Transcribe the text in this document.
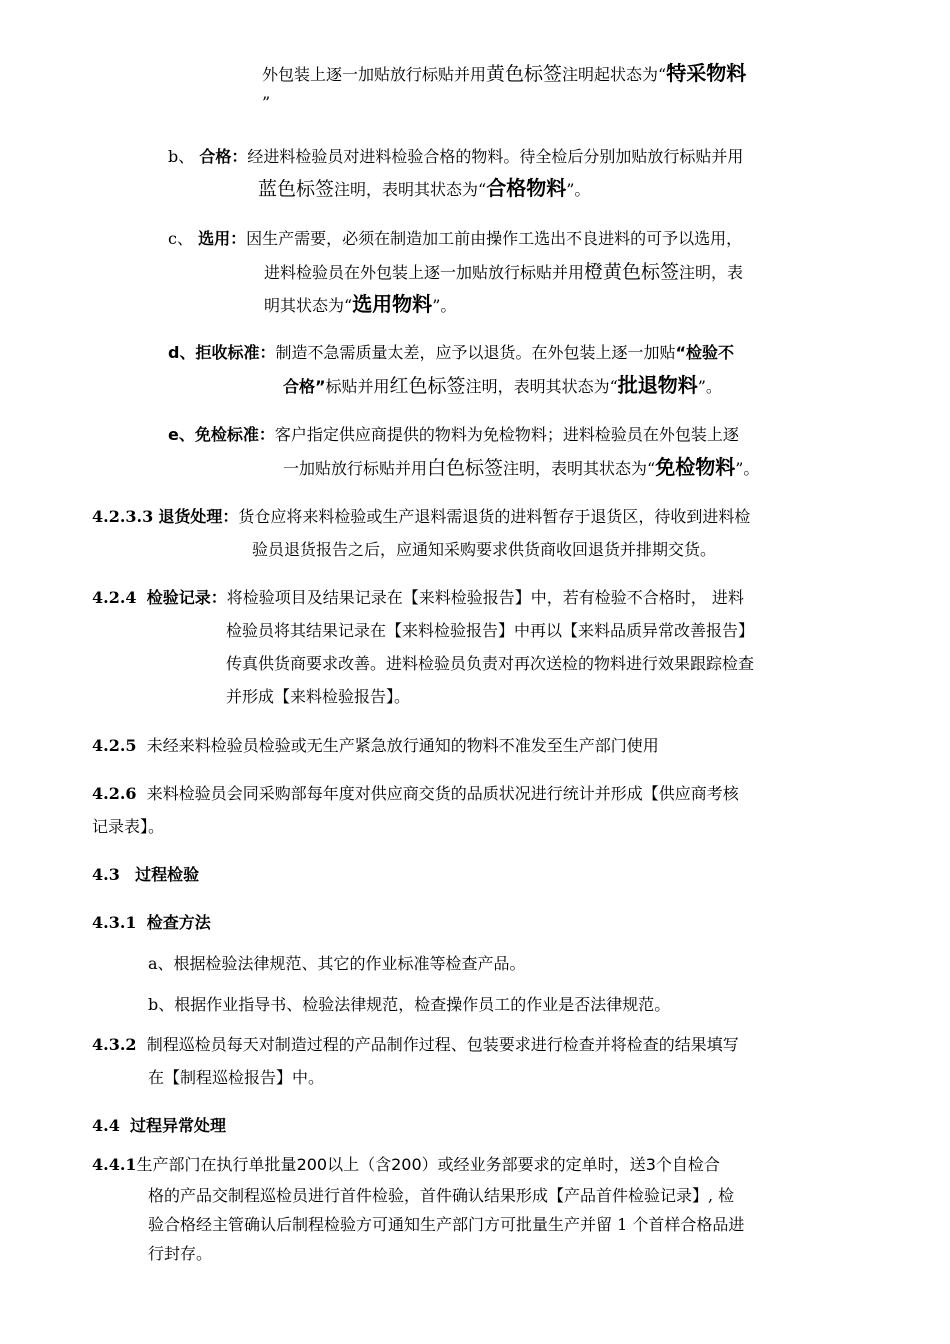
外包装上逐一加贴放行标贴并用黄色标签注明起状态为“特采物料
”
b、 合格：经进料检验员对进料检验合格的物料。待全检后分别加贴放行标贴并用
蓝色标签注明，表明其状态为“合格物料”。
c、 选用：因生产需要，必须在制造加工前由操作工选出不良进料的可予以选用，
进料检验员在外包装上逐一加贴放行标贴并用橙黄色标签注明，表
明其状态为“选用物料”。
d、拒收标准：制造不急需质量太差，应予以退货。在外包装上逐一加贴“检验不
合格”标贴并用红色标签注明，表明其状态为“批退物料”。
e、免检标准：客户指定供应商提供的物料为免检物料；进料检验员在外包装上逐
一加贴放行标贴并用白色标签注明，表明其状态为“免检物料”。
4.2.3.3 退货处理：货仓应将来料检验或生产退料需退货的进料暂存于退货区，待收到进料检
验员退货报告之后，应通知采购要求供货商收回退货并排期交货。
4.2.4 检验记录：将检验项目及结果记录在【来料检验报告】中，若有检验不合格时， 进料
检验员将其结果记录在【来料检验报告】中再以【来料品质异常改善报告】
传真供货商要求改善。进料检验员负责对再次送检的物料进行效果跟踪检查
并形成【来料检验报告】。
4.2.5 未经来料检验员检验或无生产紧急放行通知的物料不准发至生产部门使用
4.2.6 来料检验员会同采购部每年度对供应商交货的品质状况进行统计并形成【供应商考核
记录表】。
4.3 过程检验
4.3.1 检查方法
a、根据检验法律规范、其它的作业标准等检查产品。
b、根据作业指导书、检验法律规范，检查操作员工的作业是否法律规范。
4.3.2 制程巡检员每天对制造过程的产品制作过程、包装要求进行检查并将检查的结果填写
在【制程巡检报告】中。
4.4 过程异常处理
4.4.1生产部门在执行单批量200以上（含200）或经业务部要求的定单时，送3个自检合
格的产品交制程巡检员进行首件检验，首件确认结果形成【产品首件检验记录】, 检
验合格经主管确认后制程检验方可通知生产部门方可批量生产并留 1 个首样合格品进
行封存。
